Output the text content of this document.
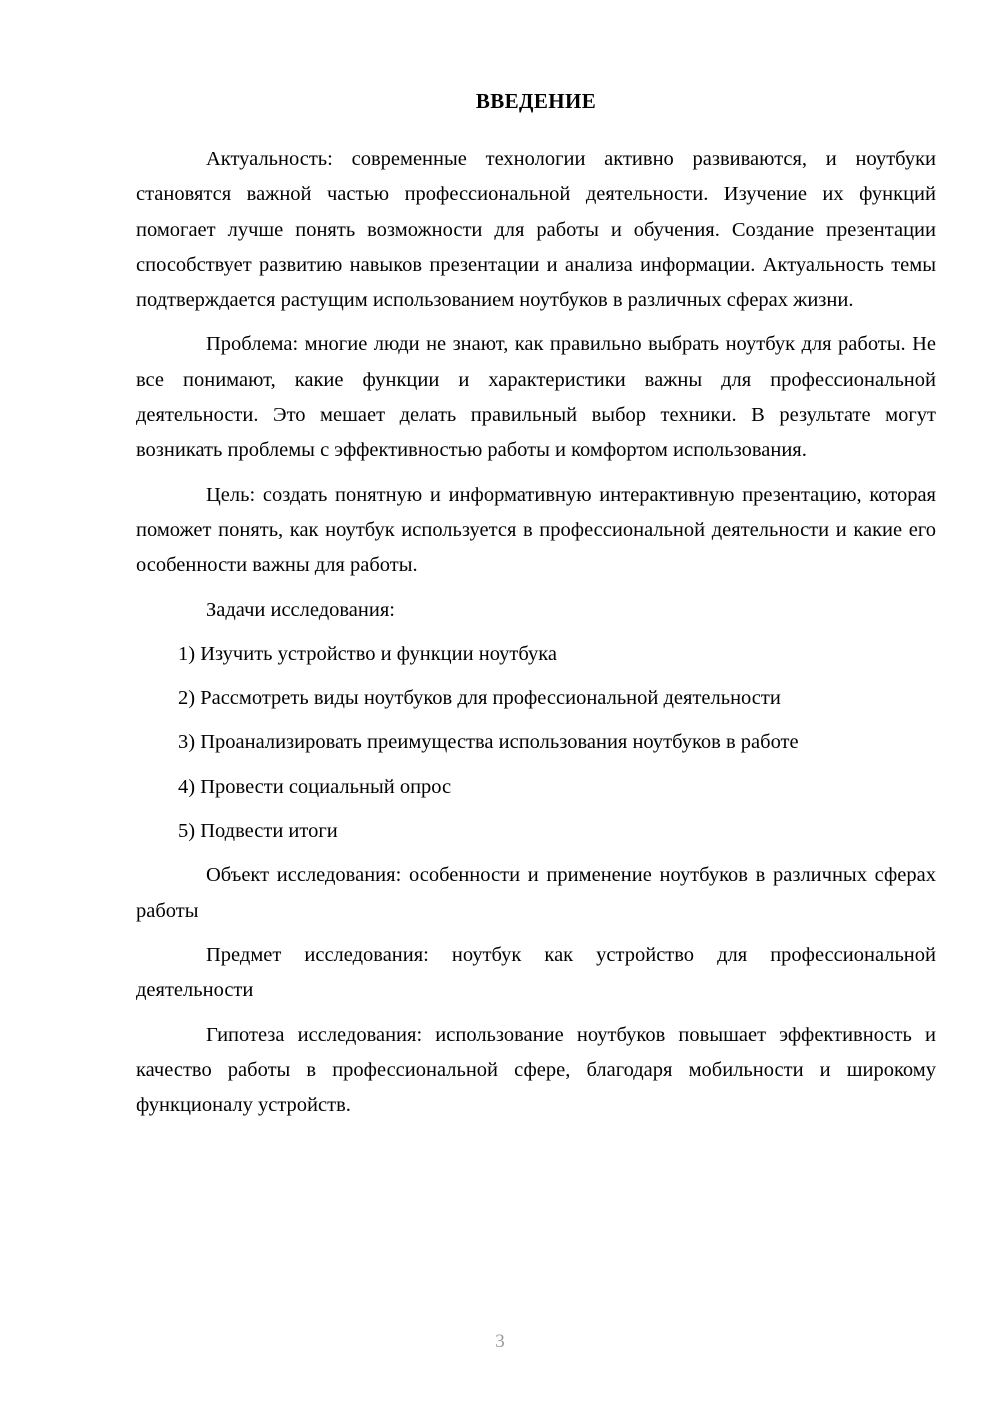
ВВЕДЕНИЕ

Актуальность: современные технологии активно развиваются, и ноутбуки становятся важной частью профессиональной деятельности. Изучение их функций помогает лучше понять возможности для работы и обучения. Создание презентации способствует развитию навыков презентации и анализа информации. Актуальность темы подтверждается растущим использованием ноутбуков в различных сферах жизни.

Проблема: многие люди не знают, как правильно выбрать ноутбук для работы. Не все понимают, какие функции и характеристики важны для профессиональной деятельности. Это мешает делать правильный выбор техники. В результате могут возникать проблемы с эффективностью работы и комфортом использования.

Цель: создать понятную и информативную интерактивную презентацию, которая поможет понять, как ноутбук используется в профессиональной деятельности и какие его особенности важны для работы.

Задачи исследования:

1) Изучить устройство и функции ноутбука
2) Рассмотреть виды ноутбуков для профессиональной деятельности
3) Проанализировать преимущества использования ноутбуков в работе
4) Провести социальный опрос
5) Подвести итоги

Объект исследования: особенности и применение ноутбуков в различных сферах работы

Предмет исследования: ноутбук как устройство для профессиональной деятельности

Гипотеза исследования: использование ноутбуков повышает эффективность и качество работы в профессиональной сфере, благодаря мобильности и широкому функционалу устройств.

3
